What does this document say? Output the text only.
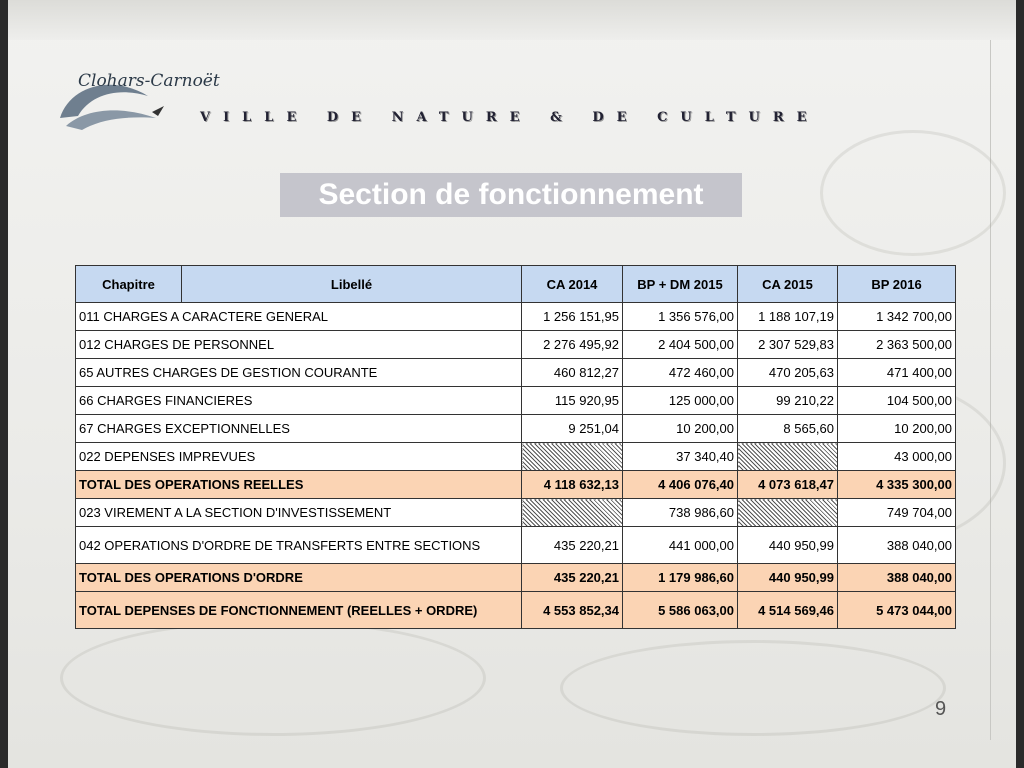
Clohars-Carnoët
VILLE DE NATURE & DE CULTURE
Section de fonctionnement
Chapitre	Libellé	CA 2014	BP + DM 2015	CA 2015	BP 2016
011 CHARGES A CARACTERE GENERAL		1 256 151,95	1 356 576,00	1 188 107,19	1 342 700,00
012 CHARGES DE PERSONNEL		2 276 495,92	2 404 500,00	2 307 529,83	2 363 500,00
65 AUTRES CHARGES DE GESTION COURANTE		460 812,27	472 460,00	470 205,63	471 400,00
66 CHARGES FINANCIERES		115 920,95	125 000,00	99 210,22	104 500,00
67 CHARGES EXCEPTIONNELLES		9 251,04	10 200,00	8 565,60	10 200,00
022 DEPENSES IMPREVUES			37 340,40		43 000,00
TOTAL DES OPERATIONS REELLES		4 118 632,13	4 406 076,40	4 073 618,47	4 335 300,00
023 VIREMENT A LA SECTION D'INVESTISSEMENT			738 986,60		749 704,00
042 OPERATIONS D'ORDRE DE TRANSFERTS ENTRE SECTIONS		435 220,21	441 000,00	440 950,99	388 040,00
TOTAL DES OPERATIONS D'ORDRE		435 220,21	1 179 986,60	440 950,99	388 040,00
TOTAL DEPENSES DE FONCTIONNEMENT (REELLES + ORDRE)		4 553 852,34	5 586 063,00	4 514 569,46	5 473 044,00
9
